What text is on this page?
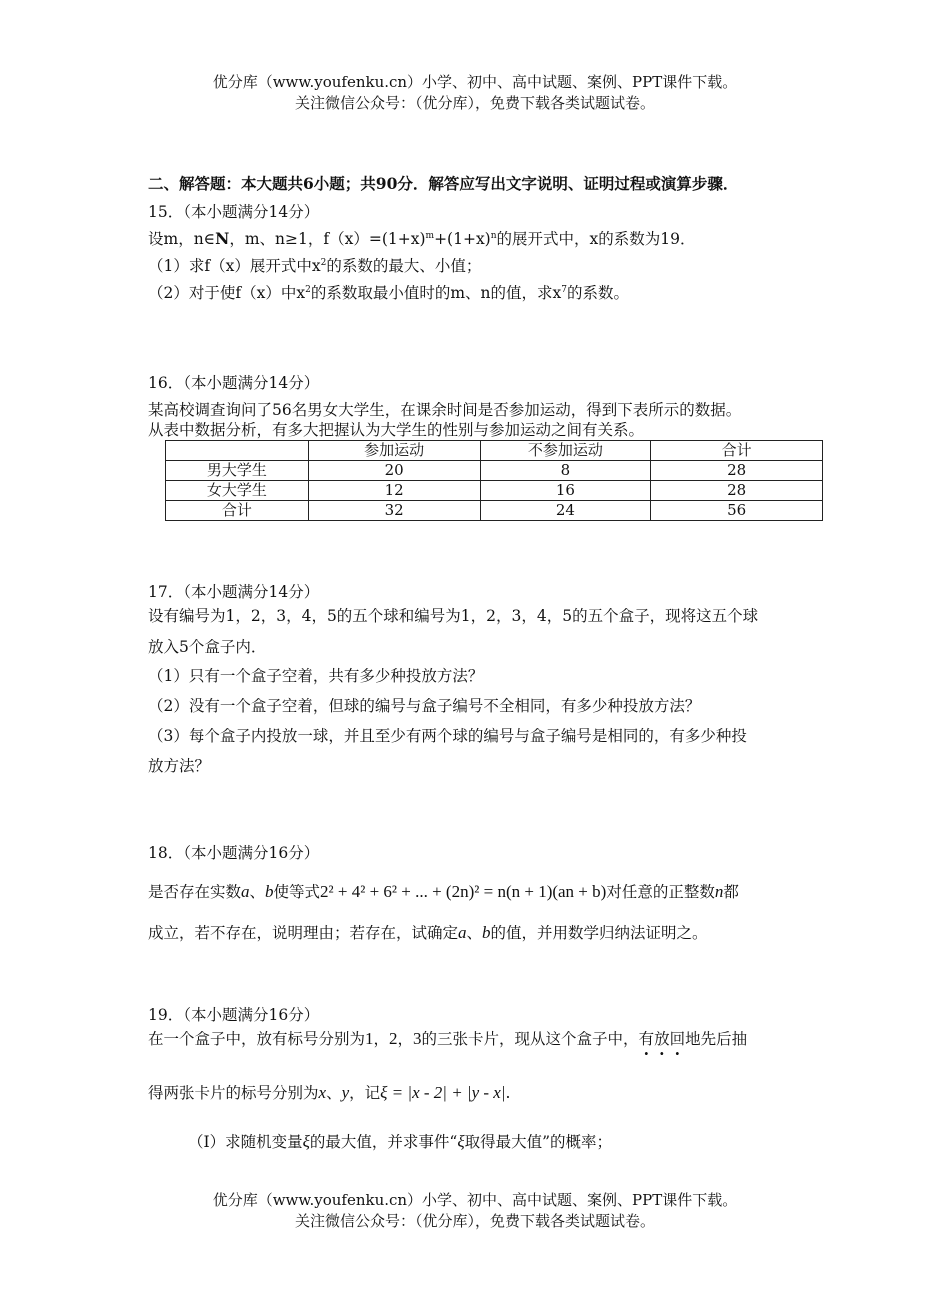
优分库（www.youfenku.cn）小学、初中、高中试题、案例、PPT课件下载。
关注微信公众号：（优分库），免费下载各类试题试卷。
二、解答题：本大题共6小题；共90分．解答应写出文字说明、证明过程或演算步骤．
15．（本小题满分14分）
设m，n∈N，m、n≥1，$f(x)=(1+x)^m+(1+x)^n$的展开式中，x的系数为19．
（1）求f（x）展开式中$x^2$的系数的最大、小值；
（2）对于使f（x）中$x^2$的系数取最小值时的m、n的值，求$x^7$的系数。
16．（本小题满分14分）
某高校调查询问了56名男女大学生，在课余时间是否参加运动，得到下表所示的数据。
从表中数据分析，有多大把握认为大学生的性别与参加运动之间有关系。
	参加运动	不参加运动	合计
男大学生	20	8	28
女大学生	12	16	28
合计	32	24	56
17．（本小题满分14分）
设有编号为1，2，3，4，5的五个球和编号为1，2，3，4，5的五个盒子，现将这五个球
放入5个盒子内．
（1）只有一个盒子空着，共有多少种投放方法？
（2）没有一个盒子空着，但球的编号与盒子编号不全相同，有多少种投放方法？
（3）每个盒子内投放一球，并且至少有两个球的编号与盒子编号是相同的，有多少种投
放方法？
18．（本小题满分16分）
是否存在实数a、b使等式2² + 4² + 6² + ... + (2n)² = n(n + 1)(an + b)对任意的正整数n都
成立，若不存在，说明理由；若存在，试确定a、b的值，并用数学归纳法证明之。
19．（本小题满分16分）
在一个盒子中，放有标号分别为1，2，3的三张卡片，现从这个盒子中，有放回地先后抽
得两张卡片的标号分别为x、y，记ξ = |x - 2| + |y - x|.
（Ⅰ）求随机变量ξ的最大值，并求事件“ξ取得最大值”的概率；
优分库（www.youfenku.cn）小学、初中、高中试题、案例、PPT课件下载。
关注微信公众号：（优分库），免费下载各类试题试卷。
